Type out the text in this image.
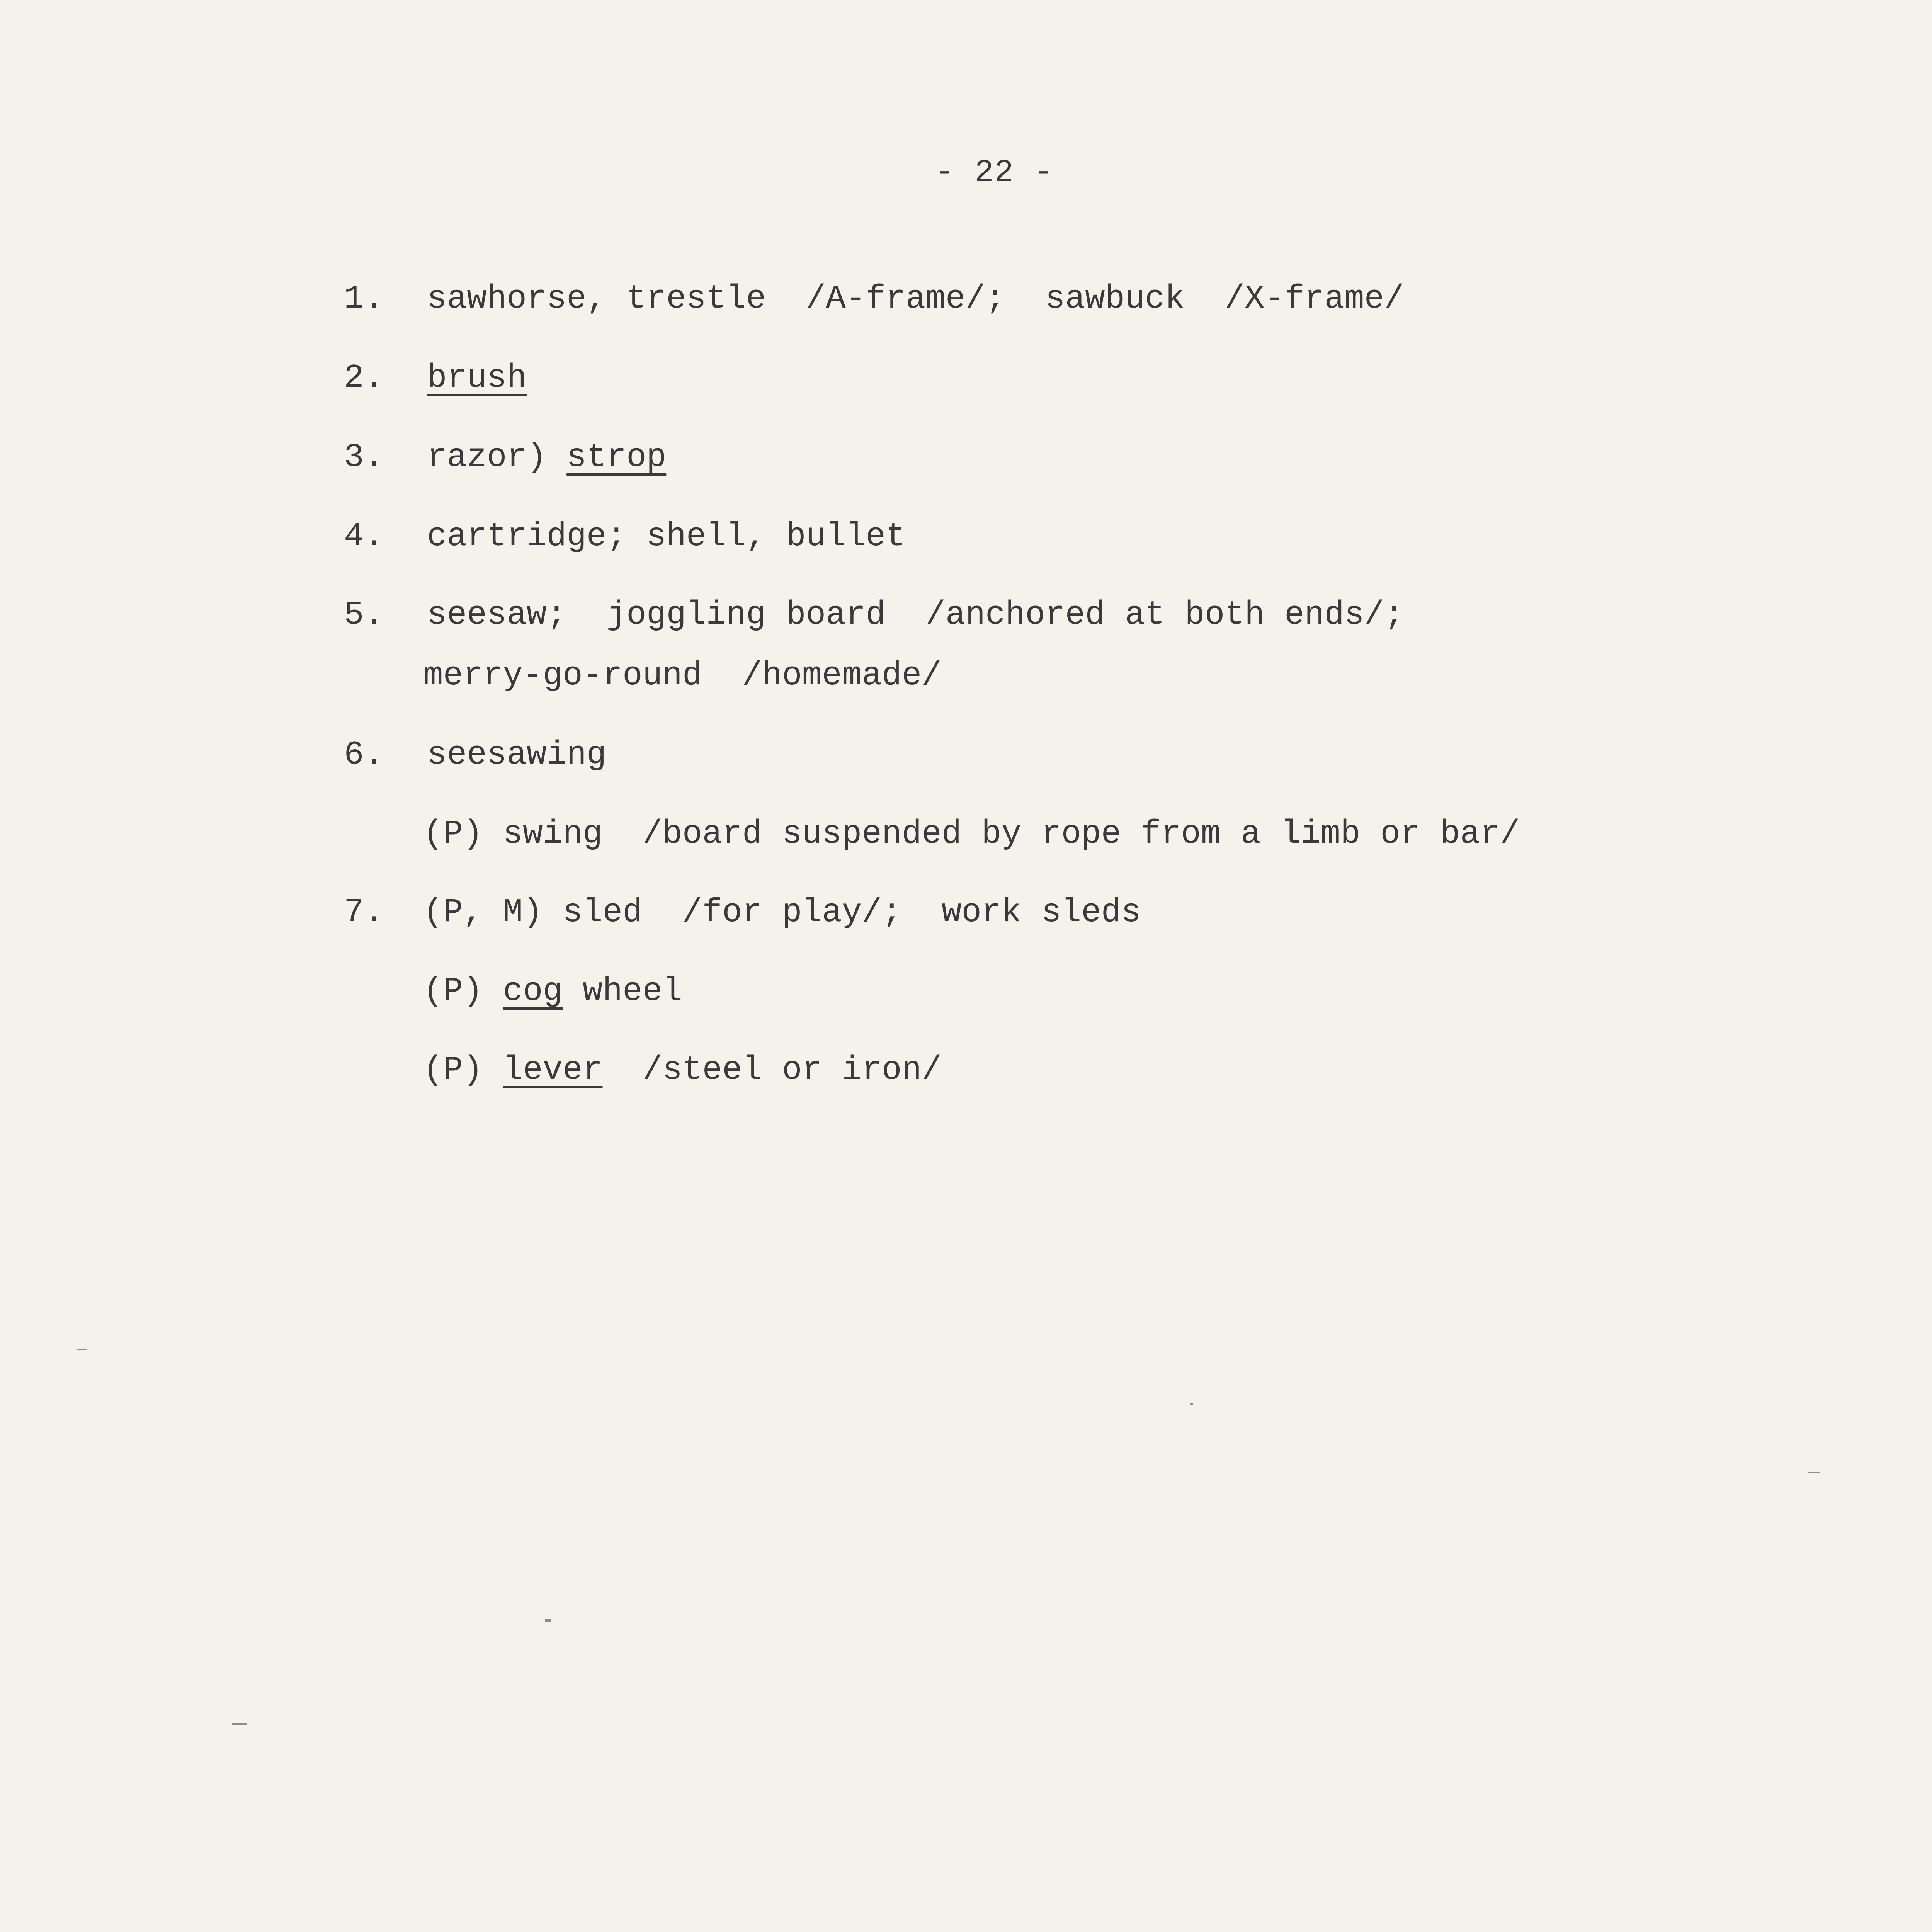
- 22 -
1. sawhorse, trestle  /A-frame/;  sawbuck  /X-frame/
2. brush
3. razor) strop
4. cartridge; shell, bullet
5. seesaw;  joggling board  /anchored at both ends/;
merry-go-round  /homemade/
6. seesawing
(P) swing  /board suspended by rope from a limb or bar/
7. (P, M) sled  /for play/;  work sleds
(P) cog wheel
(P) lever  /steel or iron/
